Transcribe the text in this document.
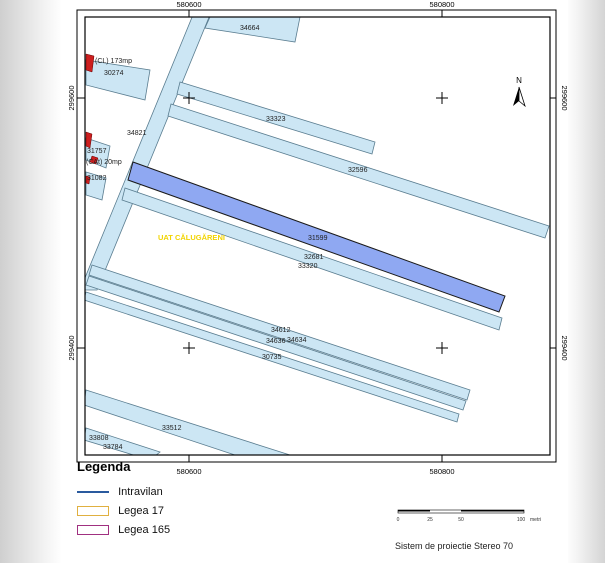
580600	580800
580600	580800
299600
299400
299600
299400
N
34664
(CL) 173mp
30274
33323
34821
31757
(CAt) 20mp
31082
32596
31599
32681
33320
34612
34636 34634
30735
33512
33808
33784
UAT CĂLUGĂRENI
0	25	50	100 metri
Legenda
Intravilan
Legea 17
Legea 165
Sistem de proiectie Stereo 70
